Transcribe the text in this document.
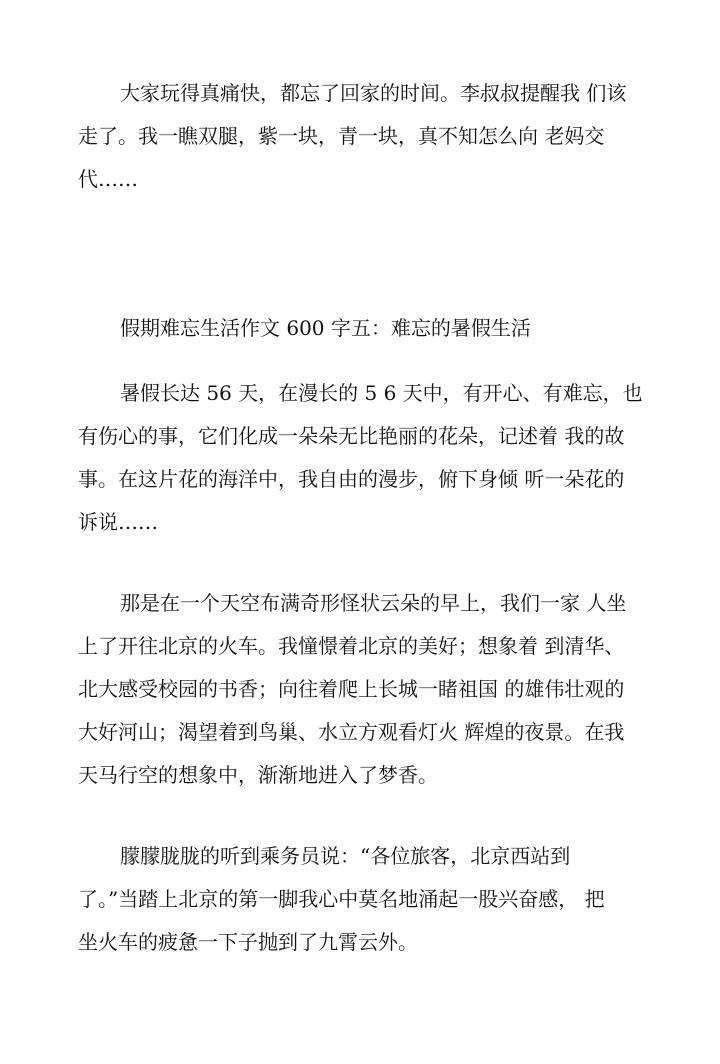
大家玩得真痛快，都忘了回家的时间。李叔叔提醒我 们该
走了。我一瞧双腿，紫一块，青一块，真不知怎么向 老妈交
代……
假期难忘生活作文 600 字五：难忘的暑假生活
暑假长达 56 天，在漫长的 5 6 天中，有开心、有难忘，也
有伤心的事，它们化成一朵朵无比艳丽的花朵，记述着 我的故
事。在这片花的海洋中，我自由的漫步，俯下身倾 听一朵花的
诉说……
那是在一个天空布满奇形怪状云朵的早上，我们一家 人坐
上了开往北京的火车。我憧憬着北京的美好；想象着 到清华、
北大感受校园的书香；向往着爬上长城一睹祖国 的雄伟壮观的
大好河山；渴望着到鸟巢、水立方观看灯火 辉煌的夜景。在我
天马行空的想象中，渐渐地进入了梦香。
朦朦胧胧的听到乘务员说：“各位旅客，北京西站到
了。”当踏上北京的第一脚我心中莫名地涌起一股兴奋感， 把
坐火车的疲惫一下子抛到了九霄云外。
